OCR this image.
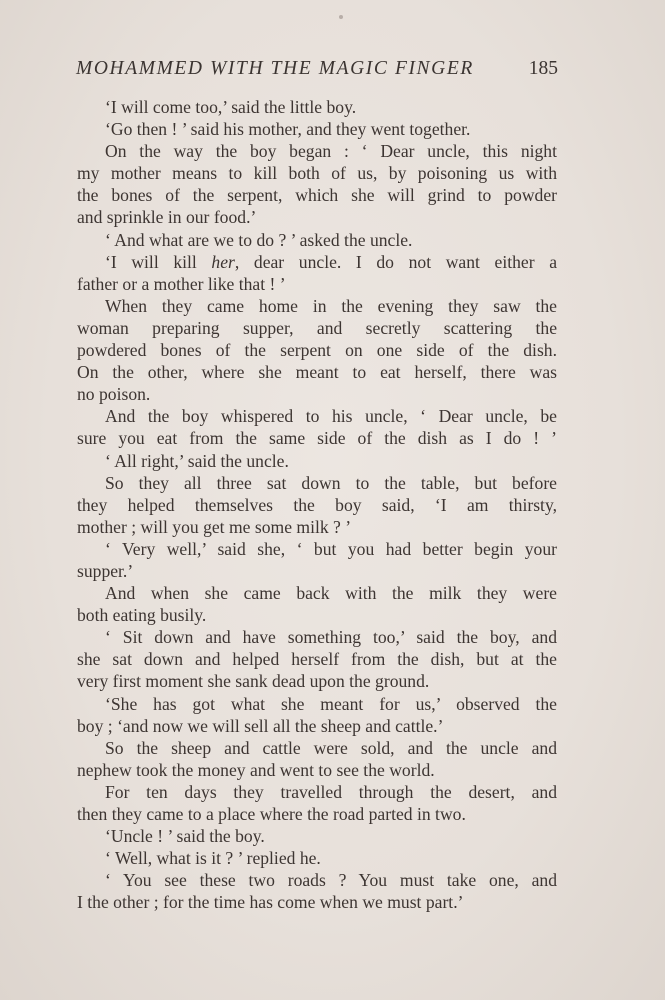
MOHAMMED WITH THE MAGIC FINGER	185
‘I will come too,’ said the little boy.
‘Go then ! ’ said his mother, and they went together.
On the way the boy began : ‘ Dear uncle, this night
my mother means to kill both of us, by poisoning us with
the bones of the serpent, which she will grind to powder
and sprinkle in our food.’
‘ And what are we to do ? ’ asked the uncle.
‘I will kill her, dear uncle. I do not want either a
father or a mother like that ! ’
When they came home in the evening they saw the
woman preparing supper, and secretly scattering the
powdered bones of the serpent on one side of the dish.
On the other, where she meant to eat herself, there was
no poison.
And the boy whispered to his uncle, ‘ Dear uncle, be
sure you eat from the same side of the dish as I do ! ’
‘ All right,’ said the uncle.
So they all three sat down to the table, but before
they helped themselves the boy said, ‘I am thirsty,
mother ; will you get me some milk ? ’
‘ Very well,’ said she, ‘ but you had better begin your
supper.’
And when she came back with the milk they were
both eating busily.
‘ Sit down and have something too,’ said the boy, and
she sat down and helped herself from the dish, but at the
very first moment she sank dead upon the ground.
‘She has got what she meant for us,’ observed the
boy ; ‘and now we will sell all the sheep and cattle.’
So the sheep and cattle were sold, and the uncle and
nephew took the money and went to see the world.
For ten days they travelled through the desert, and
then they came to a place where the road parted in two.
‘Uncle ! ’ said the boy.
‘ Well, what is it ? ’ replied he.
‘ You see these two roads ? You must take one, and
I the other ; for the time has come when we must part.’
